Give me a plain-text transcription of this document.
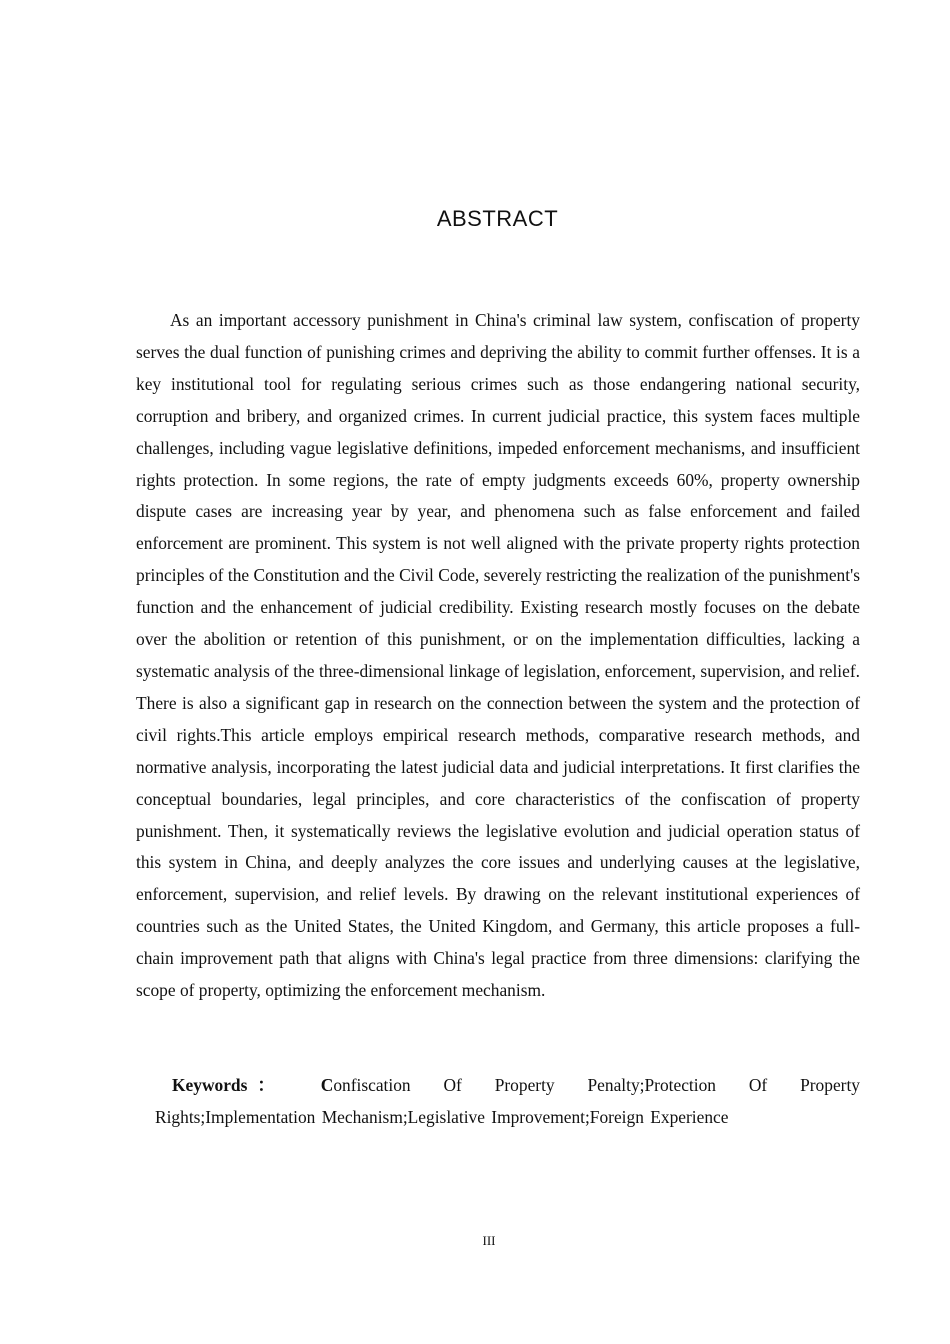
ABSTRACT

As an important accessory punishment in China's criminal law system, confiscation of property serves the dual function of punishing crimes and depriving the ability to commit further offenses. It is a key institutional tool for regulating serious crimes such as those endangering national security, corruption and bribery, and organized crimes. In current judicial practice, this system faces multiple challenges, including vague legislative definitions, impeded enforcement mechanisms, and insufficient rights protection. In some regions, the rate of empty judgments exceeds 60%, property ownership dispute cases are increasing year by year, and phenomena such as false enforcement and failed enforcement are prominent. This system is not well aligned with the private property rights protection principles of the Constitution and the Civil Code, severely restricting the realization of the punishment's function and the enhancement of judicial credibility. Existing research mostly focuses on the debate over the abolition or retention of this punishment, or on the implementation difficulties, lacking a systematic analysis of the three-dimensional linkage of legislation, enforcement, supervision, and relief. There is also a significant gap in research on the connection between the system and the protection of civil rights.This article employs empirical research methods, comparative research methods, and normative analysis, incorporating the latest judicial data and judicial interpretations. It first clarifies the conceptual boundaries, legal principles, and core characteristics of the confiscation of property punishment. Then, it systematically reviews the legislative evolution and judicial operation status of this system in China, and deeply analyzes the core issues and underlying causes at the legislative, enforcement, supervision, and relief levels. By drawing on the relevant institutional experiences of countries such as the United States, the United Kingdom, and Germany, this article proposes a full-chain improvement path that aligns with China's legal practice from three dimensions: clarifying the scope of property, optimizing the enforcement mechanism.

Keywords ：	Confiscation Of Property Penalty;Protection Of Property Rights;Implementation Mechanism;Legislative Improvement;Foreign Experience

III
